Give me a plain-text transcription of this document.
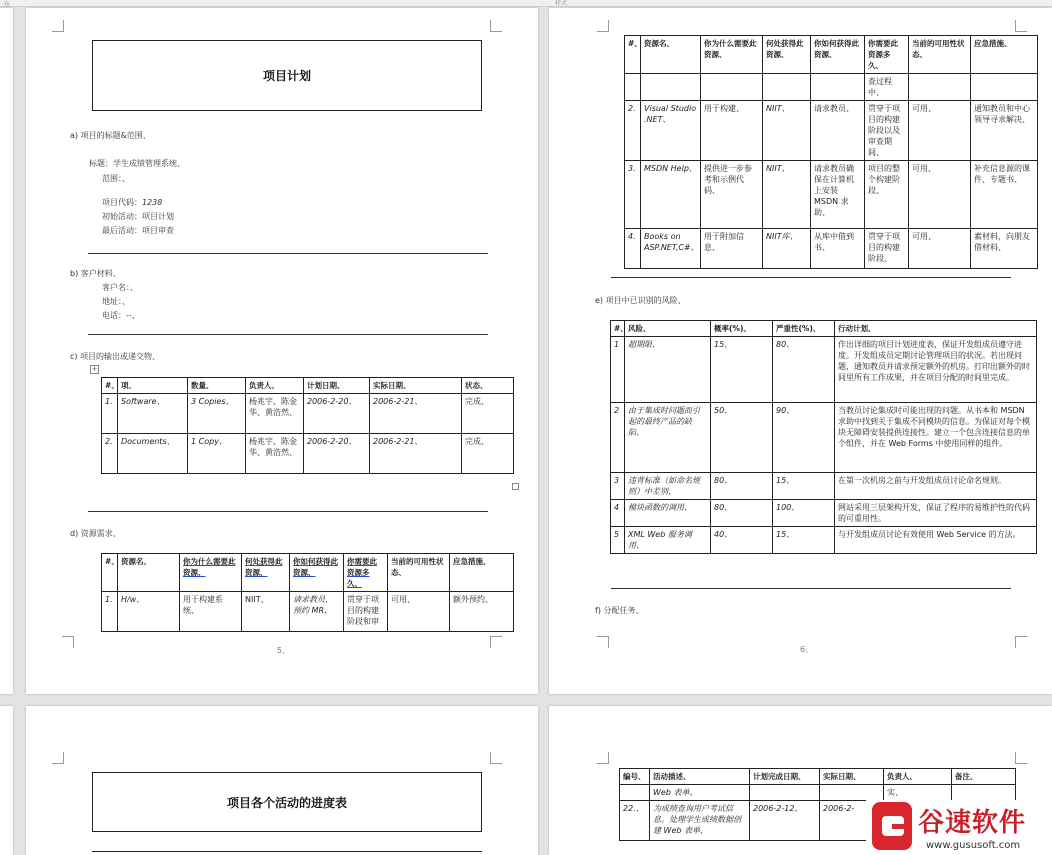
布	样式
项目计划
a) 项目的标题&范围、
标题：学生成绩管理系统、
范围：、
项目代码：1238
初始活动：项目计划
最后活动：项目审查
b) 客户材料、
客户名：、
地址：、
电话：--、
c) 项目的输出或递交物、
+
#、	项、	数量、	负责人、	计划日期、	实际日期、	状态、
1.	Software、	3 Copies、	杨兆宇、陈金华、黄浩然、	2006-2-20、	2006-2-21、	完成、
2.	Documents、	1 Copy、	杨兆宇、陈金华、黄浩然、	2006-2-20、	2006-2-21、	完成、
d) 资源需求、
#、	资源名、	你为什么需要此资源、	何处获得此资源、	你如何获得此资源、	你需要此资源多久、	当前的可用性状态、	应急措施、
1.	H/w、	用于构建系统、	NIIT、	请求教员，预约 MR、	贯穿于项目的构建阶段和审	可用、	额外预约、
5、
#、	资源名、	你为什么需要此资源、	何处获得此资源、	你如何获得此资源、	你需要此资源多久、	当前的可用性状态、	应急措施、
					查过程中、		
2.	Visual Studio .NET、	用于构建、	NIIT、	请求教员、	贯穿于项目的构建阶段以及审查期间、	可用、	通知教员和中心领导寻求解决、
3.	MSDN Help、	提供进一步参考和示例代码、	NIIT、	请求教员确保在计算机上安装 MSDN 求助、	项目的整个构建阶段、	可用、	补充信息源的课件、专题书、
4.	Books on ASP.NET,C#、	用于附加信息、	NIIT库、	从库中借到书、	贯穿于项目的构建阶段、	可用、	素材料，向朋友借材料、
e) 项目中已识别的风险、
#、	风险、	概率(%)、	严重性(%)、	行动计划、
1	超期限、	15、	80、	作出详细的项目计划进度表，保证开发组成员遵守进度。开发组成员定期讨论管理项目的状况。若出现问题，通知教员并请求预定额外的机房。打印出额外的时间里所有工作成果，并在项目分配的时间里完成。
2	由于集成时问题而引起的最终产品的缺陷、	50、	90、	当教员讨论集成时可能出现的问题。从书本和 MSDN 求助中找到关于集成不同模块的信息。为保证对每个模块无障碍安装提供连接性。建立一个包含连接信息的单个组件，并在 Web Forms 中使用同样的组件。
3	违背标准（如命名规则）中差别、	80、	15、	在第一次机房之前与开发组成员讨论命名规则。
4	模块函数的调用、	80、	100、	网站采用三层架构开发，保证了程序的易维护性的代码的可重用性。
5	XML Web 服务调用、	40、	15、	与开发组成员讨论有效使用 Web Service 的方法。
f) 分配任务、
6、
项目各个活动的进度表
编号、	活动描述、	计划完成日期、	实际日期、	负责人、	备注、
	Web 表单、			实、	
22.、	为成绩查询用户考试信息。处理学生成绩数据创建 Web 表单、	2006-2-12、	2006-2-		谷速软件
www.gususoft.com
